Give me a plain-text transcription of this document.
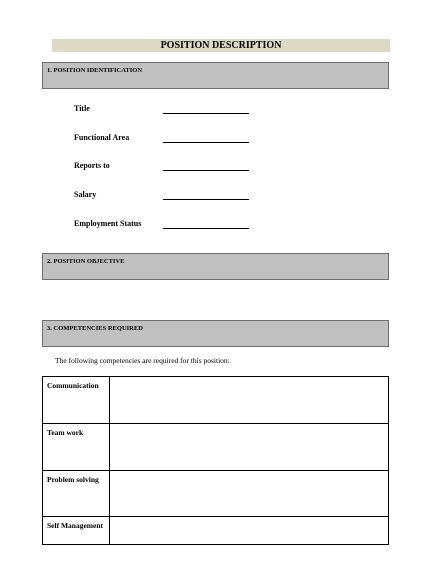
POSITION DESCRIPTION
1. POSITION IDENTIFICATION
Title
Functional Area
Reports to
Salary
Employment Status
2. POSITION OBJECTIVE
3. COMPETENCIES REQUIRED
The following competencies are required for this position:
Communication	
Team work	
Problem solving	
Self Management	
